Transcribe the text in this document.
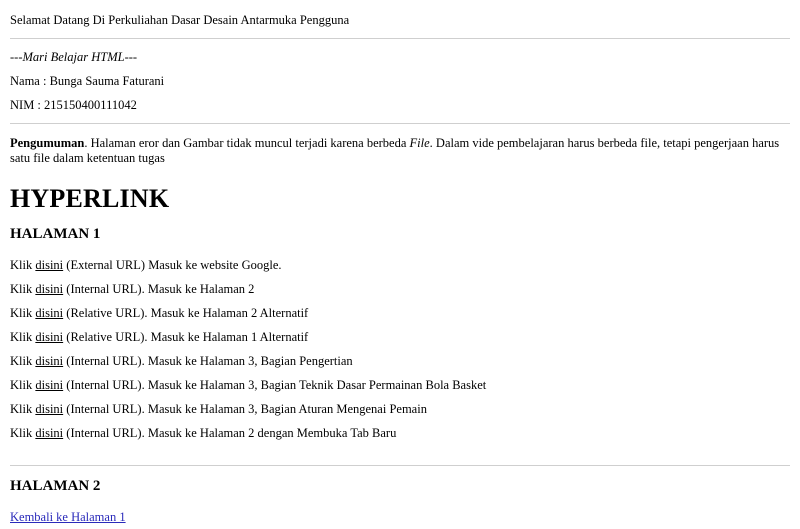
Selamat Datang Di Perkuliahan Dasar Desain Antarmuka Pengguna

---Mari Belajar HTML---

Nama : Bunga Sauma Faturani

NIM : 215150400111042

Pengumuman. Halaman eror dan Gambar tidak muncul terjadi karena berbeda File. Dalam vide pembelajaran harus berbeda file, tetapi pengerjaan harus satu file dalam ketentuan tugas

HYPERLINK
HALAMAN 1

Klik disini (External URL) Masuk ke website Google.

Klik disini (Internal URL). Masuk ke Halaman 2

Klik disini (Relative URL). Masuk ke Halaman 2 Alternatif

Klik disini (Relative URL). Masuk ke Halaman 1 Alternatif

Klik disini (Internal URL). Masuk ke Halaman 3, Bagian Pengertian

Klik disini (Internal URL). Masuk ke Halaman 3, Bagian Teknik Dasar Permainan Bola Basket

Klik disini (Internal URL). Masuk ke Halaman 3, Bagian Aturan Mengenai Pemain

Klik disini (Internal URL). Masuk ke Halaman 2 dengan Membuka Tab Baru

HALAMAN 2

Kembali ke Halaman 1
